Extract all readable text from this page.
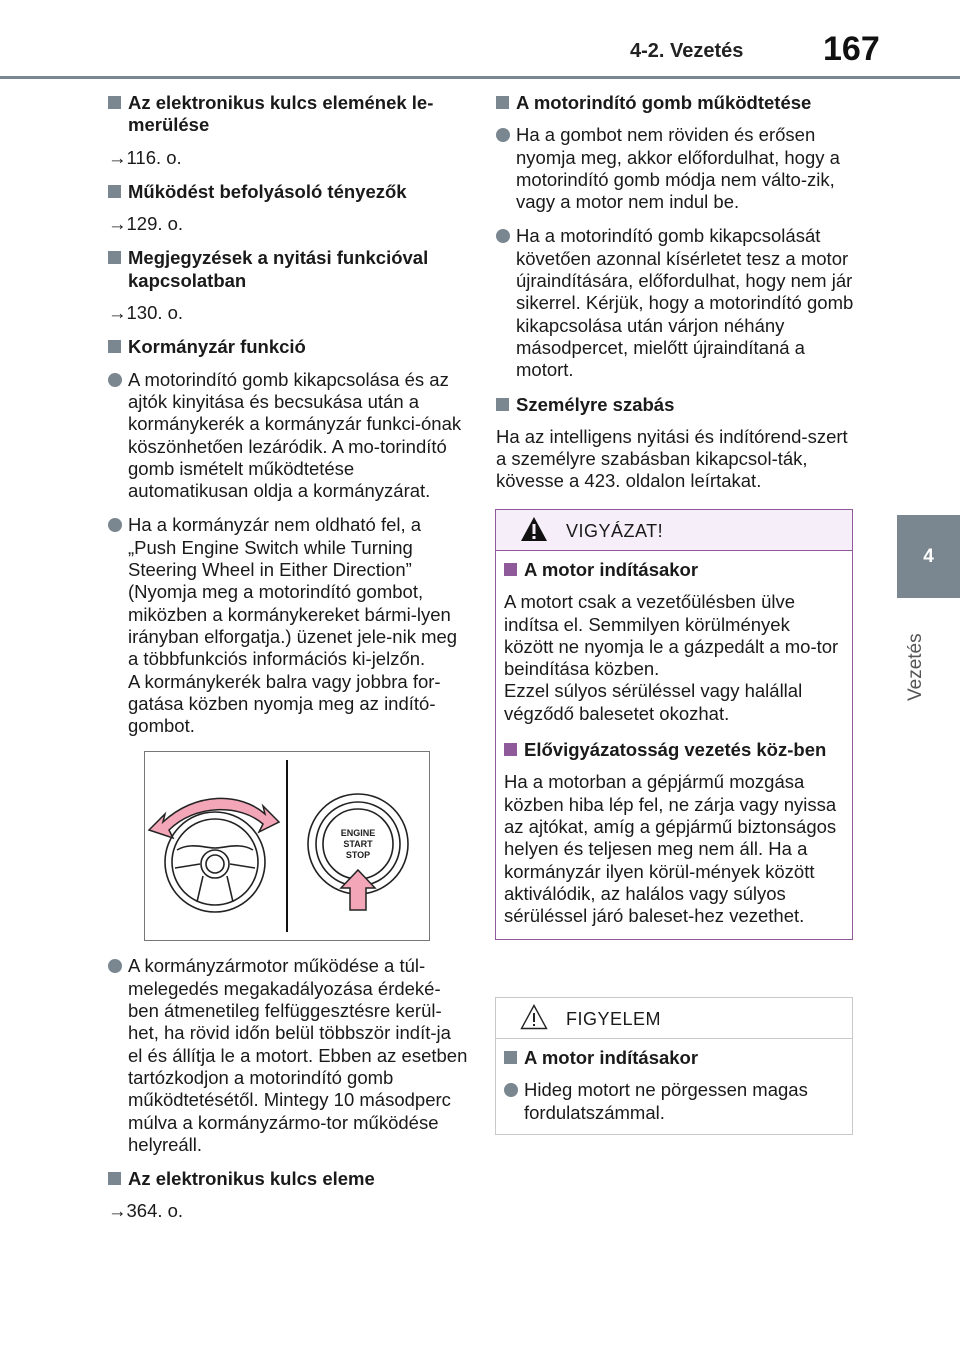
4-2. Vezetés 167
4
Vezetés
Az elektronikus kulcs elemének le-merülése
→116. o.
Működést befolyásoló tényezők
→129. o.
Megjegyzések a nyitási funkcióval kapcsolatban
→130. o.
Kormányzár funkció
A motorindító gomb kikapcsolása és az ajtók kinyitása és becsukása után a kormánykerék a kormányzár funkci-ónak köszönhetően lezáródik. A mo-torindító gomb ismételt működtetése automatikusan oldja a kormányzárat.
Ha a kormányzár nem oldható fel, a „Push Engine Switch while Turning Steering Wheel in Either Direction” (Nyomja meg a motorindító gombot, miközben a kormánykereket bármi-lyen irányban elforgatja.) üzenet jele-nik meg a többfunkciós információs ki-jelzőn.
A kormánykerék balra vagy jobbra for-gatása közben nyomja meg az indító-gombot.
ENGINE
START
STOP
A kormányzármotor működése a túl-melegedés megakadályozása érdeké-ben átmenetileg felfüggesztésre kerül-het, ha rövid időn belül többször indít-ja el és állítja le a motort. Ebben az esetben tartózkodjon a motorindító gomb működtetésétől. Mintegy 10 másodperc múlva a kormányzármo-tor működése helyreáll.
Az elektronikus kulcs eleme
→364. o.
A motorindító gomb működtetése
Ha a gombot nem röviden és erősen nyomja meg, akkor előfordulhat, hogy a motorindító gomb módja nem válto-zik, vagy a motor nem indul be.
Ha a motorindító gomb kikapcsolását követően azonnal kísérletet tesz a motor újraindítására, előfordulhat, hogy nem jár sikerrel. Kérjük, hogy a motorindító gomb kikapcsolása után várjon néhány másodpercet, mielőtt újraindítaná a motort.
Személyre szabás
Ha az intelligens nyitási és indítórend-szert a személyre szabásban kikapcsol-ták, kövesse a 423. oldalon leírtakat.
VIGYÁZAT!
A motor indításakor
A motort csak a vezetőülésben ülve indítsa el. Semmilyen körülmények között ne nyomja le a gázpedált a mo-tor beindítása közben.
Ezzel súlyos sérüléssel vagy halállal végződő balesetet okozhat.
Elővigyázatosság vezetés köz-ben
Ha a motorban a gépjármű mozgása közben hiba lép fel, ne zárja vagy nyissa az ajtókat, amíg a gépjármű biztonságos helyen és teljesen meg nem áll. Ha a kormányzár ilyen körül-mények között aktiválódik, az halálos vagy súlyos sérüléssel járó baleset-hez vezethet.
FIGYELEM
A motor indításakor
Hideg motort ne pörgessen magas fordulatszámmal.
